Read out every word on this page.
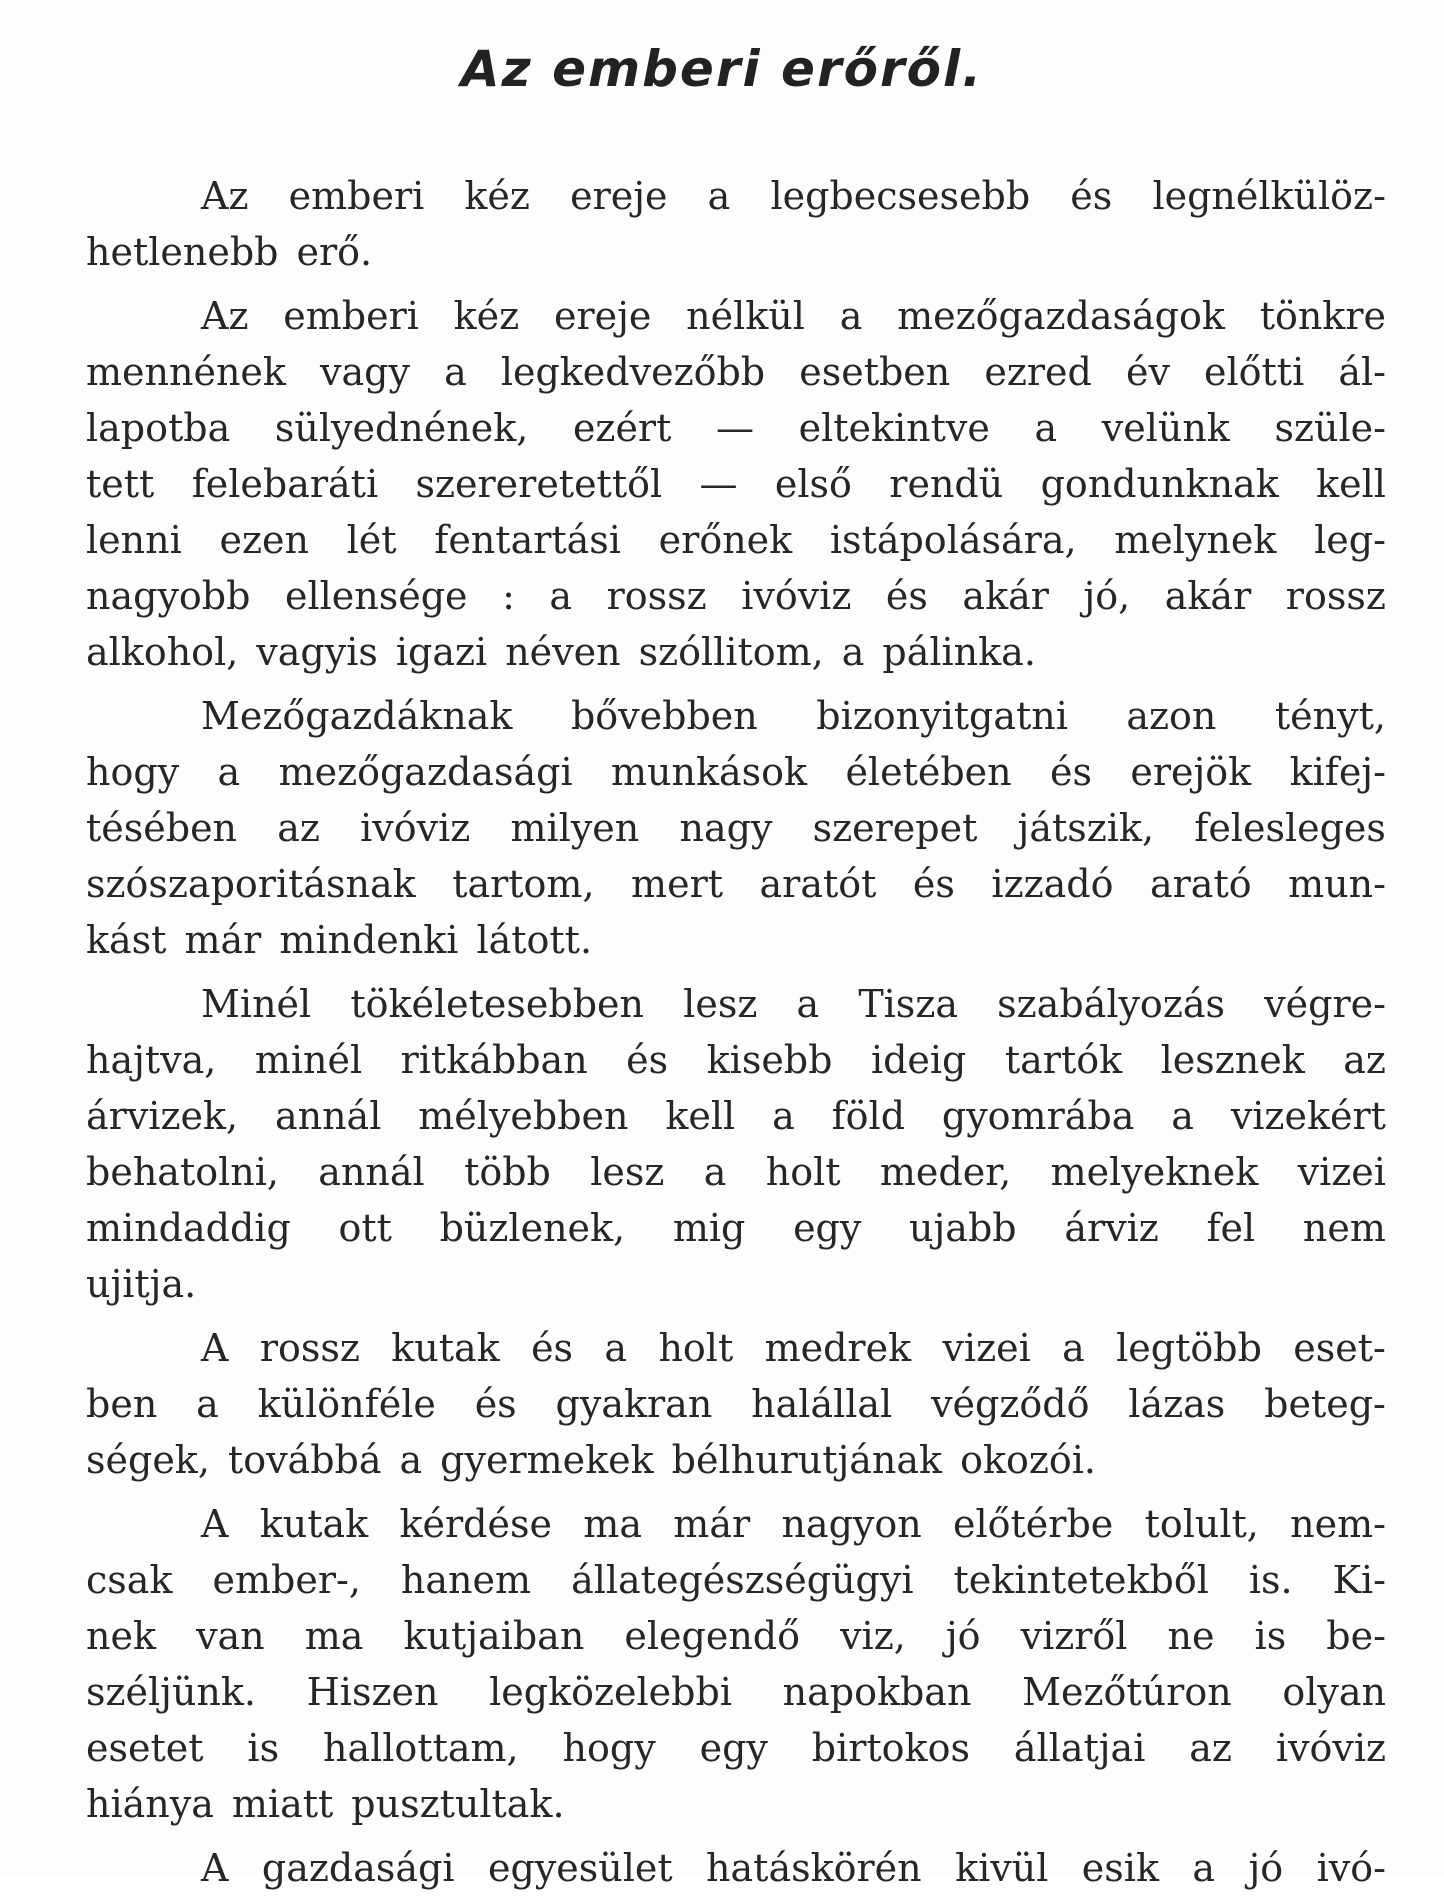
Az emberi erőről.
Az emberi kéz ereje a legbecsesebb és legnélkülöz-
hetlenebb erő.
Az emberi kéz ereje nélkül a mezőgazdaságok tönkre
mennének vagy a legkedvezőbb esetben ezred év előtti ál-
lapotba sülyednének, ezért — eltekintve a velünk szüle-
tett felebaráti szereretettől — első rendü gondunknak kell
lenni ezen lét fentartási erőnek istápolására, melynek leg-
nagyobb ellensége : a rossz ivóviz és akár jó, akár rossz
alkohol, vagyis igazi néven szóllitom, a pálinka.
Mezőgazdáknak bővebben bizonyitgatni azon tényt,
hogy a mezőgazdasági munkások életében és erejök kifej-
tésében az ivóviz milyen nagy szerepet játszik, felesleges
szószaporitásnak tartom, mert aratót és izzadó arató mun-
kást már mindenki látott.
Minél tökéletesebben lesz a Tisza szabályozás végre-
hajtva, minél ritkábban és kisebb ideig tartók lesznek az
árvizek, annál mélyebben kell a föld gyomrába a vizekért
behatolni, annál több lesz a holt meder, melyeknek vizei
mindaddig ott büzlenek, mig egy ujabb árviz fel nem
ujitja.
A rossz kutak és a holt medrek vizei a legtöbb eset-
ben a különféle és gyakran halállal végződő lázas beteg-
ségek, továbbá a gyermekek bélhurutjának okozói.
A kutak kérdése ma már nagyon előtérbe tolult, nem-
csak ember-, hanem állategészségügyi tekintetekből is. Ki-
nek van ma kutjaiban elegendő viz, jó vizről ne is be-
széljünk. Hiszen legközelebbi napokban Mezőtúron olyan
esetet is hallottam, hogy egy birtokos állatjai az ivóviz
hiánya miatt pusztultak.
A gazdasági egyesület hatáskörén kivül esik a jó ivó-
